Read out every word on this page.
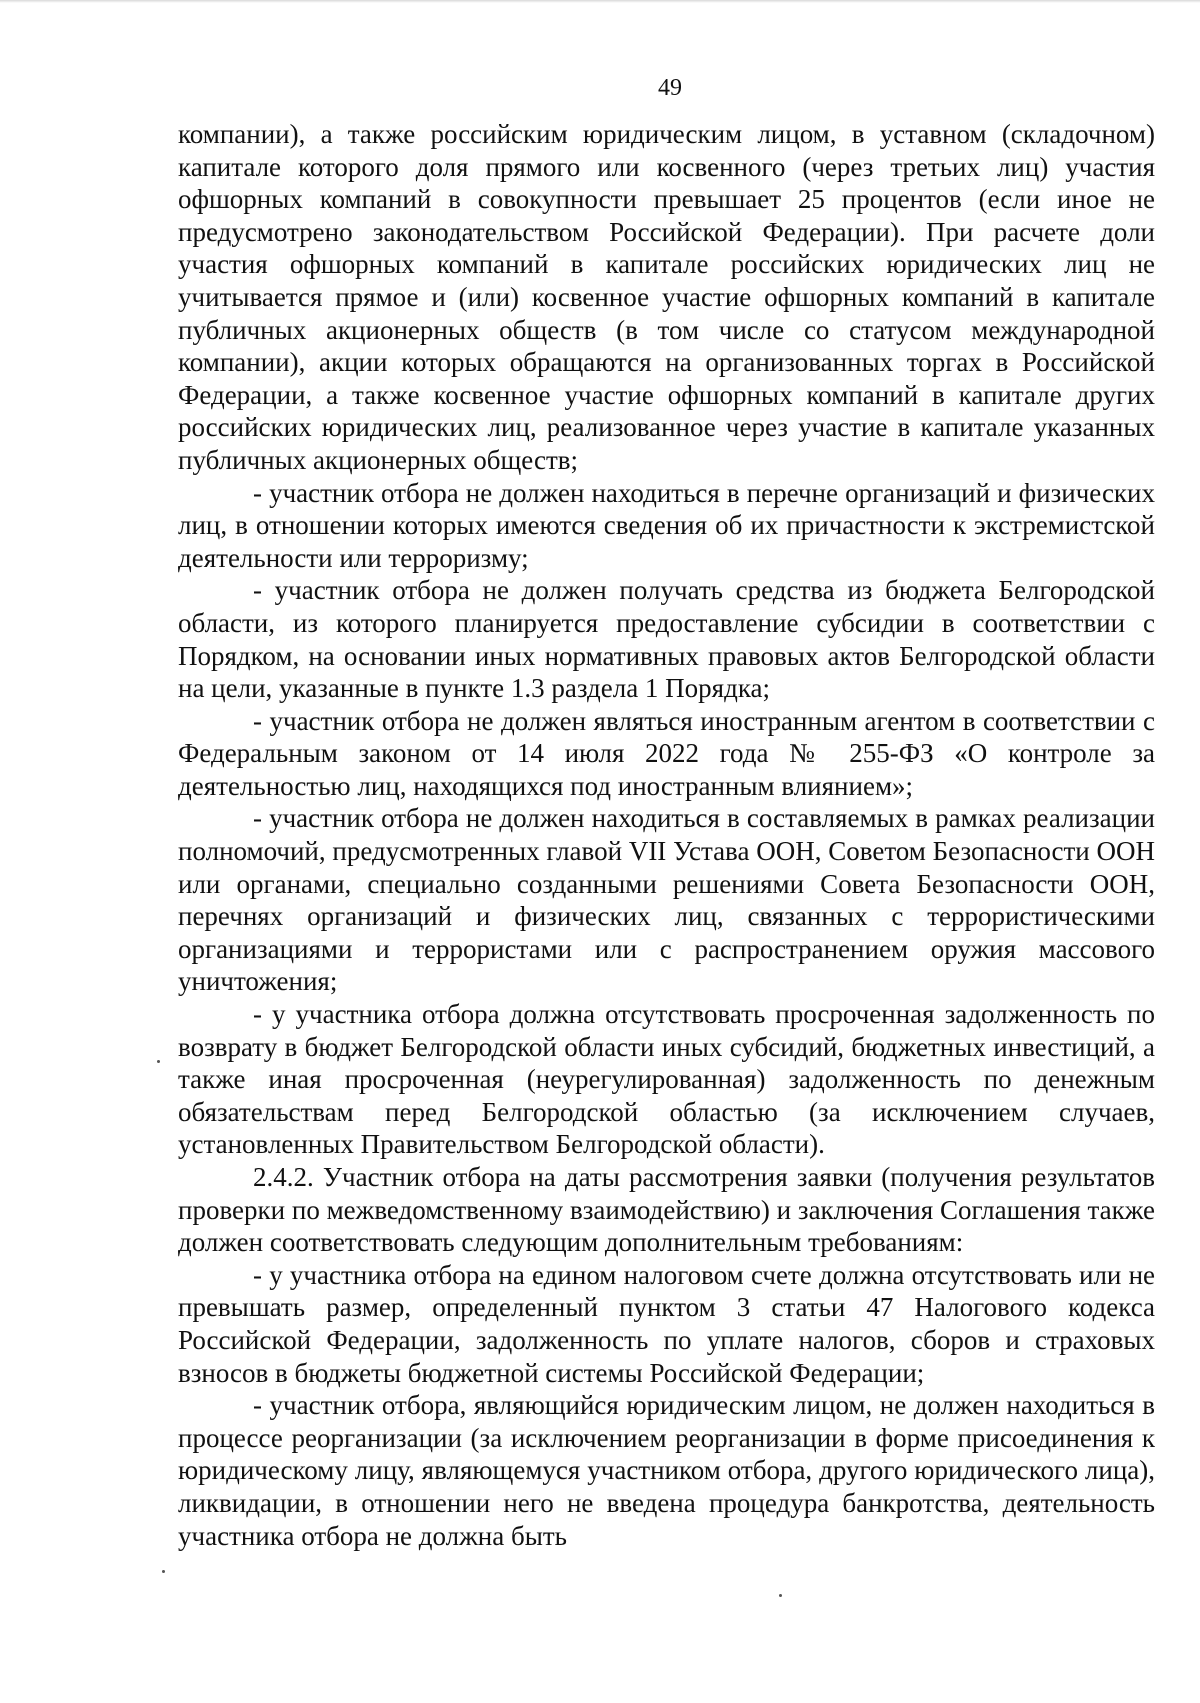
49

компании), а также российским юридическим лицом, в уставном (складочном) капитале которого доля прямого или косвенного (через третьих лиц) участия офшорных компаний в совокупности превышает 25 процентов (если иное не предусмотрено законодательством Российской Федерации). При расчете доли участия офшорных компаний в капитале российских юридических лиц не учитывается прямое и (или) косвенное участие офшорных компаний в капитале публичных акционерных обществ (в том числе со статусом международной компании), акции которых обращаются на организованных торгах в Российской Федерации, а также косвенное участие офшорных компаний в капитале других российских юридических лиц, реализованное через участие в капитале указанных публичных акционерных обществ;

- участник отбора не должен находиться в перечне организаций и физических лиц, в отношении которых имеются сведения об их причастности к экстремистской деятельности или терроризму;

- участник отбора не должен получать средства из бюджета Белгородской области, из которого планируется предоставление субсидии в соответствии с Порядком, на основании иных нормативных правовых актов Белгородской области на цели, указанные в пункте 1.3 раздела 1 Порядка;

- участник отбора не должен являться иностранным агентом в соответствии с Федеральным законом от 14 июля 2022 года № 255-ФЗ «О контроле за деятельностью лиц, находящихся под иностранным влиянием»;

- участник отбора не должен находиться в составляемых в рамках реализации полномочий, предусмотренных главой VII Устава ООН, Советом Безопасности ООН или органами, специально созданными решениями Совета Безопасности ООН, перечнях организаций и физических лиц, связанных с террористическими организациями и террористами или с распространением оружия массового уничтожения;

- у участника отбора должна отсутствовать просроченная задолженность по возврату в бюджет Белгородской области иных субсидий, бюджетных инвестиций, а также иная просроченная (неурегулированная) задолженность по денежным обязательствам перед Белгородской областью (за исключением случаев, установленных Правительством Белгородской области).

2.4.2. Участник отбора на даты рассмотрения заявки (получения результатов проверки по межведомственному взаимодействию) и заключения Соглашения также должен соответствовать следующим дополнительным требованиям:

- у участника отбора на едином налоговом счете должна отсутствовать или не превышать размер, определенный пунктом 3 статьи 47 Налогового кодекса Российской Федерации, задолженность по уплате налогов, сборов и страховых взносов в бюджеты бюджетной системы Российской Федерации;

- участник отбора, являющийся юридическим лицом, не должен находиться в процессе реорганизации (за исключением реорганизации в форме присоединения к юридическому лицу, являющемуся участником отбора, другого юридического лица), ликвидации, в отношении него не введена процедура банкротства, деятельность участника отбора не должна быть
